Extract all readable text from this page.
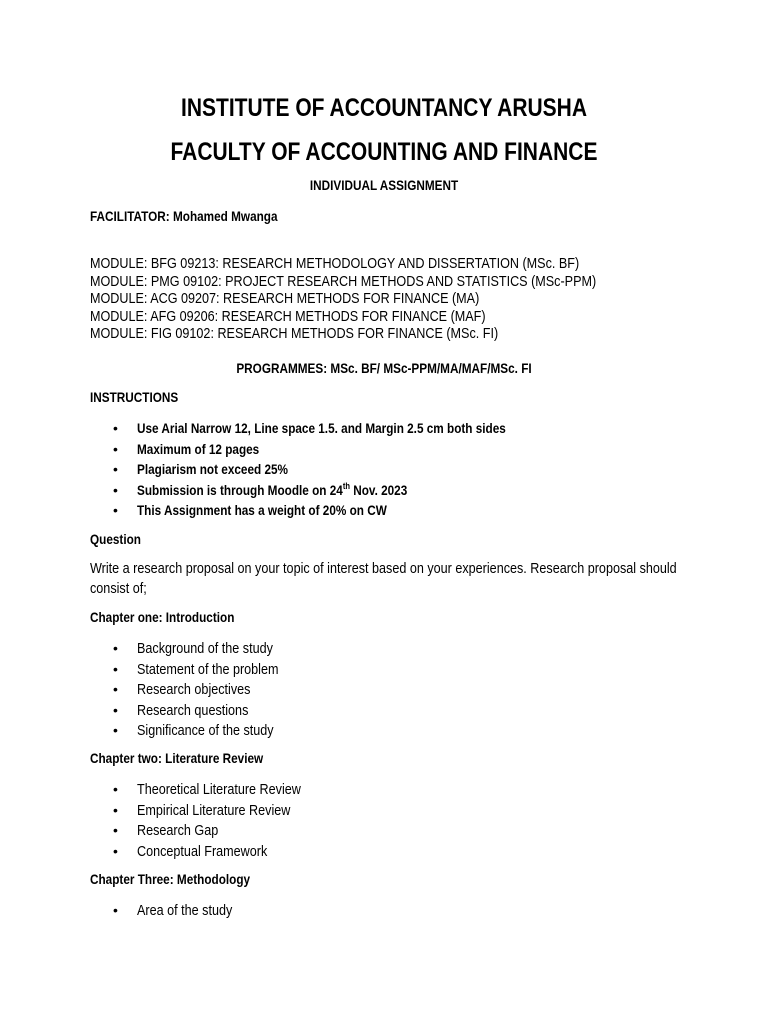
INSTITUTE OF ACCOUNTANCY ARUSHA
FACULTY OF ACCOUNTING AND FINANCE
INDIVIDUAL ASSIGNMENT
FACILITATOR: Mohamed Mwanga
MODULE: BFG 09213: RESEARCH METHODOLOGY AND DISSERTATION (MSc. BF)
MODULE: PMG 09102: PROJECT RESEARCH METHODS AND STATISTICS (MSc-PPM)
MODULE: ACG 09207: RESEARCH METHODS FOR FINANCE (MA)
MODULE: AFG 09206: RESEARCH METHODS FOR FINANCE (MAF)
MODULE: FIG 09102: RESEARCH METHODS FOR FINANCE (MSc. FI)
PROGRAMMES: MSc. BF/ MSc-PPM/MA/MAF/MSc. FI
INSTRUCTIONS
•
Use Arial Narrow 12, Line space 1.5. and Margin 2.5 cm both sides
•
Maximum of 12 pages
•
Plagiarism not exceed 25%
•
Submission is through Moodle on 24th Nov. 2023
•
This Assignment has a weight of 20% on CW
Question
Write a research proposal on your topic of interest based on your experiences. Research proposal should
consist of;
Chapter one: Introduction
•
Background of the study
•
Statement of the problem
•
Research objectives
•
Research questions
•
Significance of the study
Chapter two: Literature Review
•
Theoretical Literature Review
•
Empirical Literature Review
•
Research Gap
•
Conceptual Framework
Chapter Three: Methodology
•
Area of the study
